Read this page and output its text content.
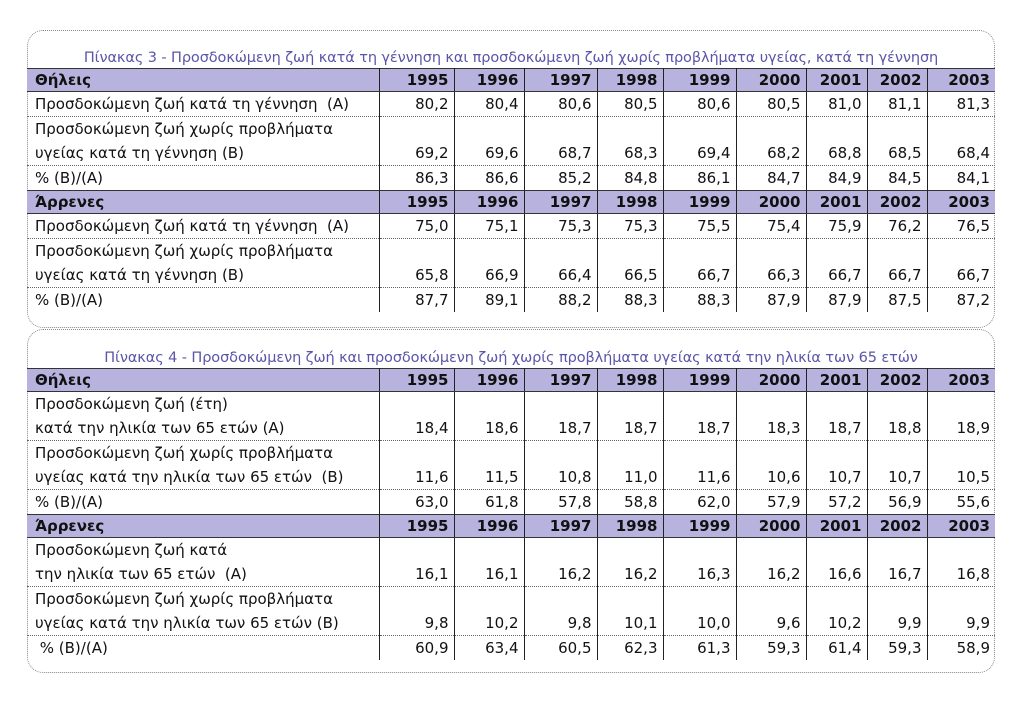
Πίνακας 3 - Προσδοκώμενη ζωή κατά τη γέννηση και προσδοκώμενη ζωή χωρίς προβλήματα υγείας, κατά τη γέννηση
Θήλεις	1995	1996	1997	1998	1999	2000	2001	2002	2003

Προσδοκώμενη ζωή κατά τη γέννηση  (A)	80,2	80,4	80,6	80,5	80,6	80,5	81,0	81,1	81,3

Προσδοκώμενη ζωή χωρίς προβλήματα
υγείας κατά τη γέννηση (Β)	69,2	69,6	68,7	68,3	69,4	68,2	68,8	68,5	68,4

% (Β)/(Α)	86,3	86,6	85,2	84,8	86,1	84,7	84,9	84,5	84,1
Άρρενες	1995	1996	1997	1998	1999	2000	2001	2002	2003

Προσδοκώμενη ζωή κατά τη γέννηση  (A)	75,0	75,1	75,3	75,3	75,5	75,4	75,9	76,2	76,5

Προσδοκώμενη ζωή χωρίς προβλήματα
υγείας κατά τη γέννηση (Β)	65,8	66,9	66,4	66,5	66,7	66,3	66,7	66,7	66,7

% (Β)/(Α)	87,7	89,1	88,2	88,3	88,3	87,9	87,9	87,5	87,2
Πίνακας 4 - Προσδοκώμενη ζωή και προσδοκώμενη ζωή χωρίς προβλήματα υγείας κατά την ηλικία των 65 ετών
Θήλεις	1995	1996	1997	1998	1999	2000	2001	2002	2003

Προσδοκώμενη ζωή (έτη)
κατά την ηλικία των 65 ετών (A)	18,4	18,6	18,7	18,7	18,7	18,3	18,7	18,8	18,9

Προσδοκώμενη ζωή χωρίς προβλήματα
υγείας κατά την ηλικία των 65 ετών  (Β)	11,6	11,5	10,8	11,0	11,6	10,6	10,7	10,7	10,5

% (Β)/(Α)	63,0	61,8	57,8	58,8	62,0	57,9	57,2	56,9	55,6
Άρρενες	1995	1996	1997	1998	1999	2000	2001	2002	2003

Προσδοκώμενη ζωή κατά
την ηλικία των 65 ετών  (A)	16,1	16,1	16,2	16,2	16,3	16,2	16,6	16,7	16,8

Προσδοκώμενη ζωή χωρίς προβλήματα
υγείας κατά την ηλικία των 65 ετών (Β)	9,8	10,2	9,8	10,1	10,0	9,6	10,2	9,9	9,9

% (Β)/(Α)	60,9	63,4	60,5	62,3	61,3	59,3	61,4	59,3	58,9
